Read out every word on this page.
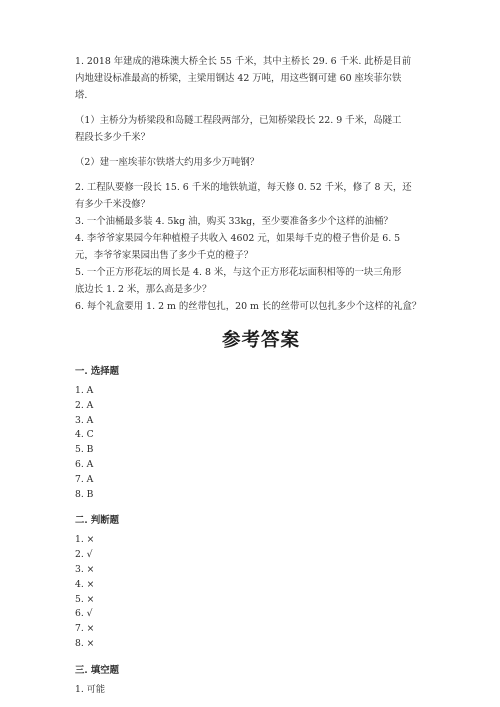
1. 2018 年建成的港珠澳大桥全长 55 千米，其中主桥长 29. 6 千米. 此桥是目前
内地建设标准最高的桥梁，主梁用钢达 42 万吨，用这些钢可建 60 座埃菲尔铁
塔.
（1）主桥分为桥梁段和岛隧工程段两部分，已知桥梁段长 22. 9 千米，岛隧工
程段长多少千米？
（2）建一座埃菲尔铁塔大约用多少万吨钢？
2. 工程队要修一段长 15. 6 千米的地铁轨道，每天修 0. 52 千米，修了 8 天，还
有多少千米没修？
3. 一个油桶最多装 4. 5kg 油，购买 33kg，至少要准备多少个这样的油桶？
4. 李爷爷家果园今年种植橙子共收入 4602 元，如果每千克的橙子售价是 6. 5
元，李爷爷家果园出售了多少千克的橙子？
5. 一个正方形花坛的周长是 4. 8 米，与这个正方形花坛面积相等的一块三角形
底边长 1. 2 米，那么高是多少？
6. 每个礼盒要用 1. 2 m 的丝带包扎，20 m 长的丝带可以包扎多少个这样的礼盒？
参考答案
一. 选择题
1. A
2. A
3. A
4. C
5. B
6. A
7. A
8. B
二. 判断题
1. ×
2. √
3. ×
4. ×
5. ×
6. √
7. ×
8. ×
三. 填空题
1. 可能
